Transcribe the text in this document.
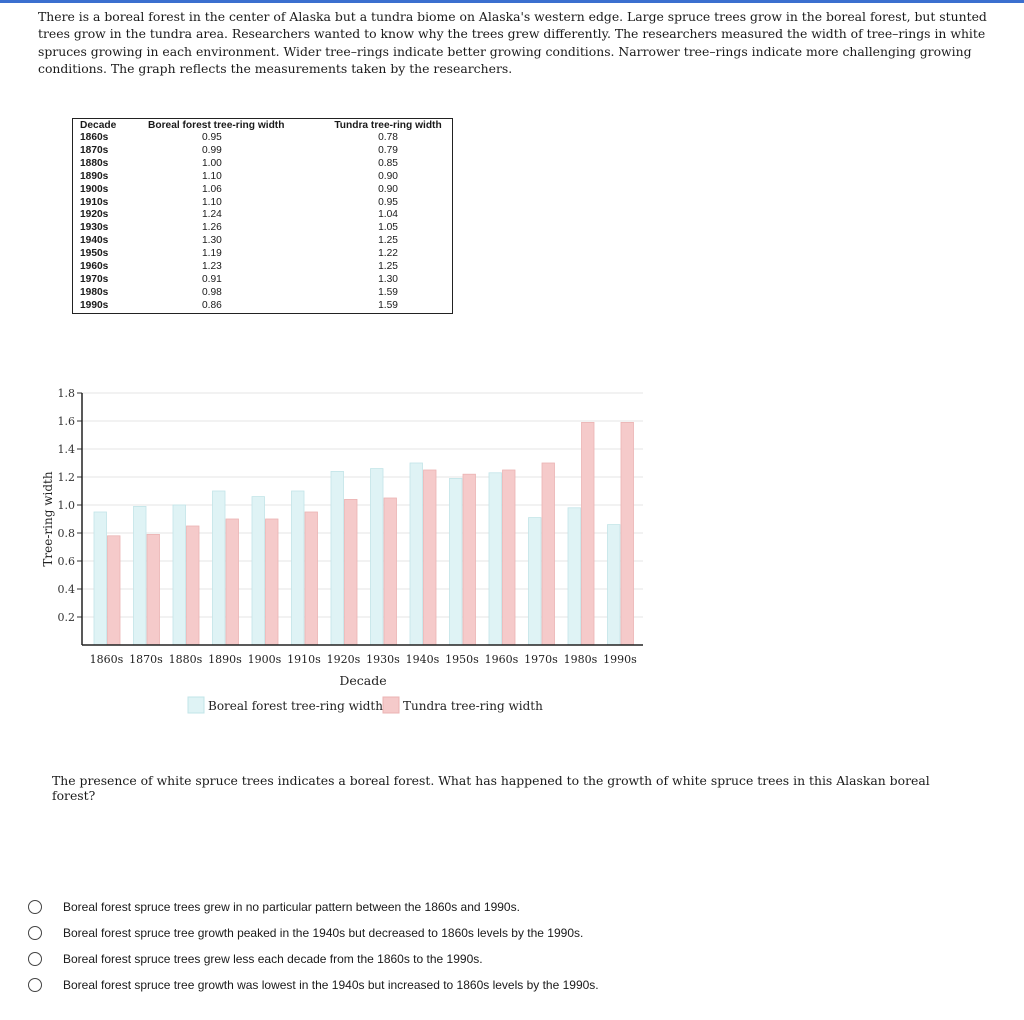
There is a boreal forest in the center of Alaska but a tundra biome on Alaska's western edge. Large spruce trees grow in the boreal forest, but stunted trees grow in the tundra area. Researchers wanted to know why the trees grew differently. The researchers measured the width of tree–rings in white spruces growing in each environment. Wider tree–rings indicate better growing conditions. Narrower tree–rings indicate more challenging growing conditions. The graph reflects the measurements taken by the researchers.
Decade	Boreal forest tree-ring width	Tundra tree-ring width
1860s	0.95	0.78
1870s	0.99	0.79
1880s	1.00	0.85
1890s	1.10	0.90
1900s	1.06	0.90
1910s	1.10	0.95
1920s	1.24	1.04
1930s	1.26	1.05
1940s	1.30	1.25
1950s	1.19	1.22
1960s	1.23	1.25
1970s	0.91	1.30
1980s	0.98	1.59
1990s	0.86	1.59
0.2
0.4
0.6
0.8
1.0
1.2
1.4
1.6
1.8
1860s 1870s 1880s 1890s 1900s 1910s 1920s 1930s 1940s 1950s 1960s 1970s 1980s 1990s
Decade
Tree-ring width
Boreal forest tree-ring width Tundra tree-ring width
The presence of white spruce trees indicates a boreal forest. What has happened to the growth of white spruce trees in this Alaskan boreal forest?
Boreal forest spruce trees grew in no particular pattern between the 1860s and 1990s.
Boreal forest spruce tree growth peaked in the 1940s but decreased to 1860s levels by the 1990s.
Boreal forest spruce trees grew less each decade from the 1860s to the 1990s.
Boreal forest spruce tree growth was lowest in the 1940s but increased to 1860s levels by the 1990s.
